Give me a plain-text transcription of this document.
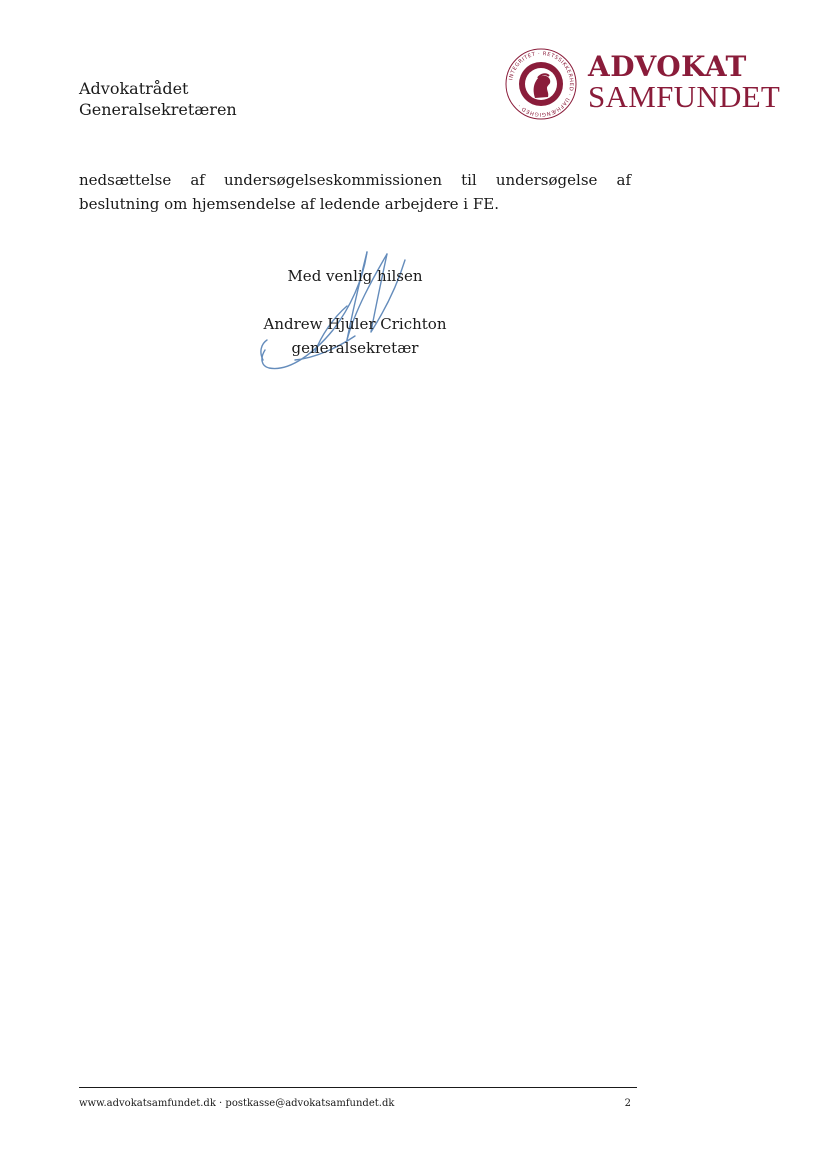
Advokatrådet
Generalsekretæren
INTEGRITET · RETSSIKKERHED · UAFHÆNGIGHED ·
ADVOKAT
SAMFUNDET

nedsættelse af undersøgelseskommissionen til undersøgelse af beslutning om hjemsendelse af ledende arbejdere i FE.

Med venlig hilsen
Andrew Hjuler Crichton
generalsekretær
www.advokatsamfundet.dk · postkasse@advokatsamfundet.dk	2
